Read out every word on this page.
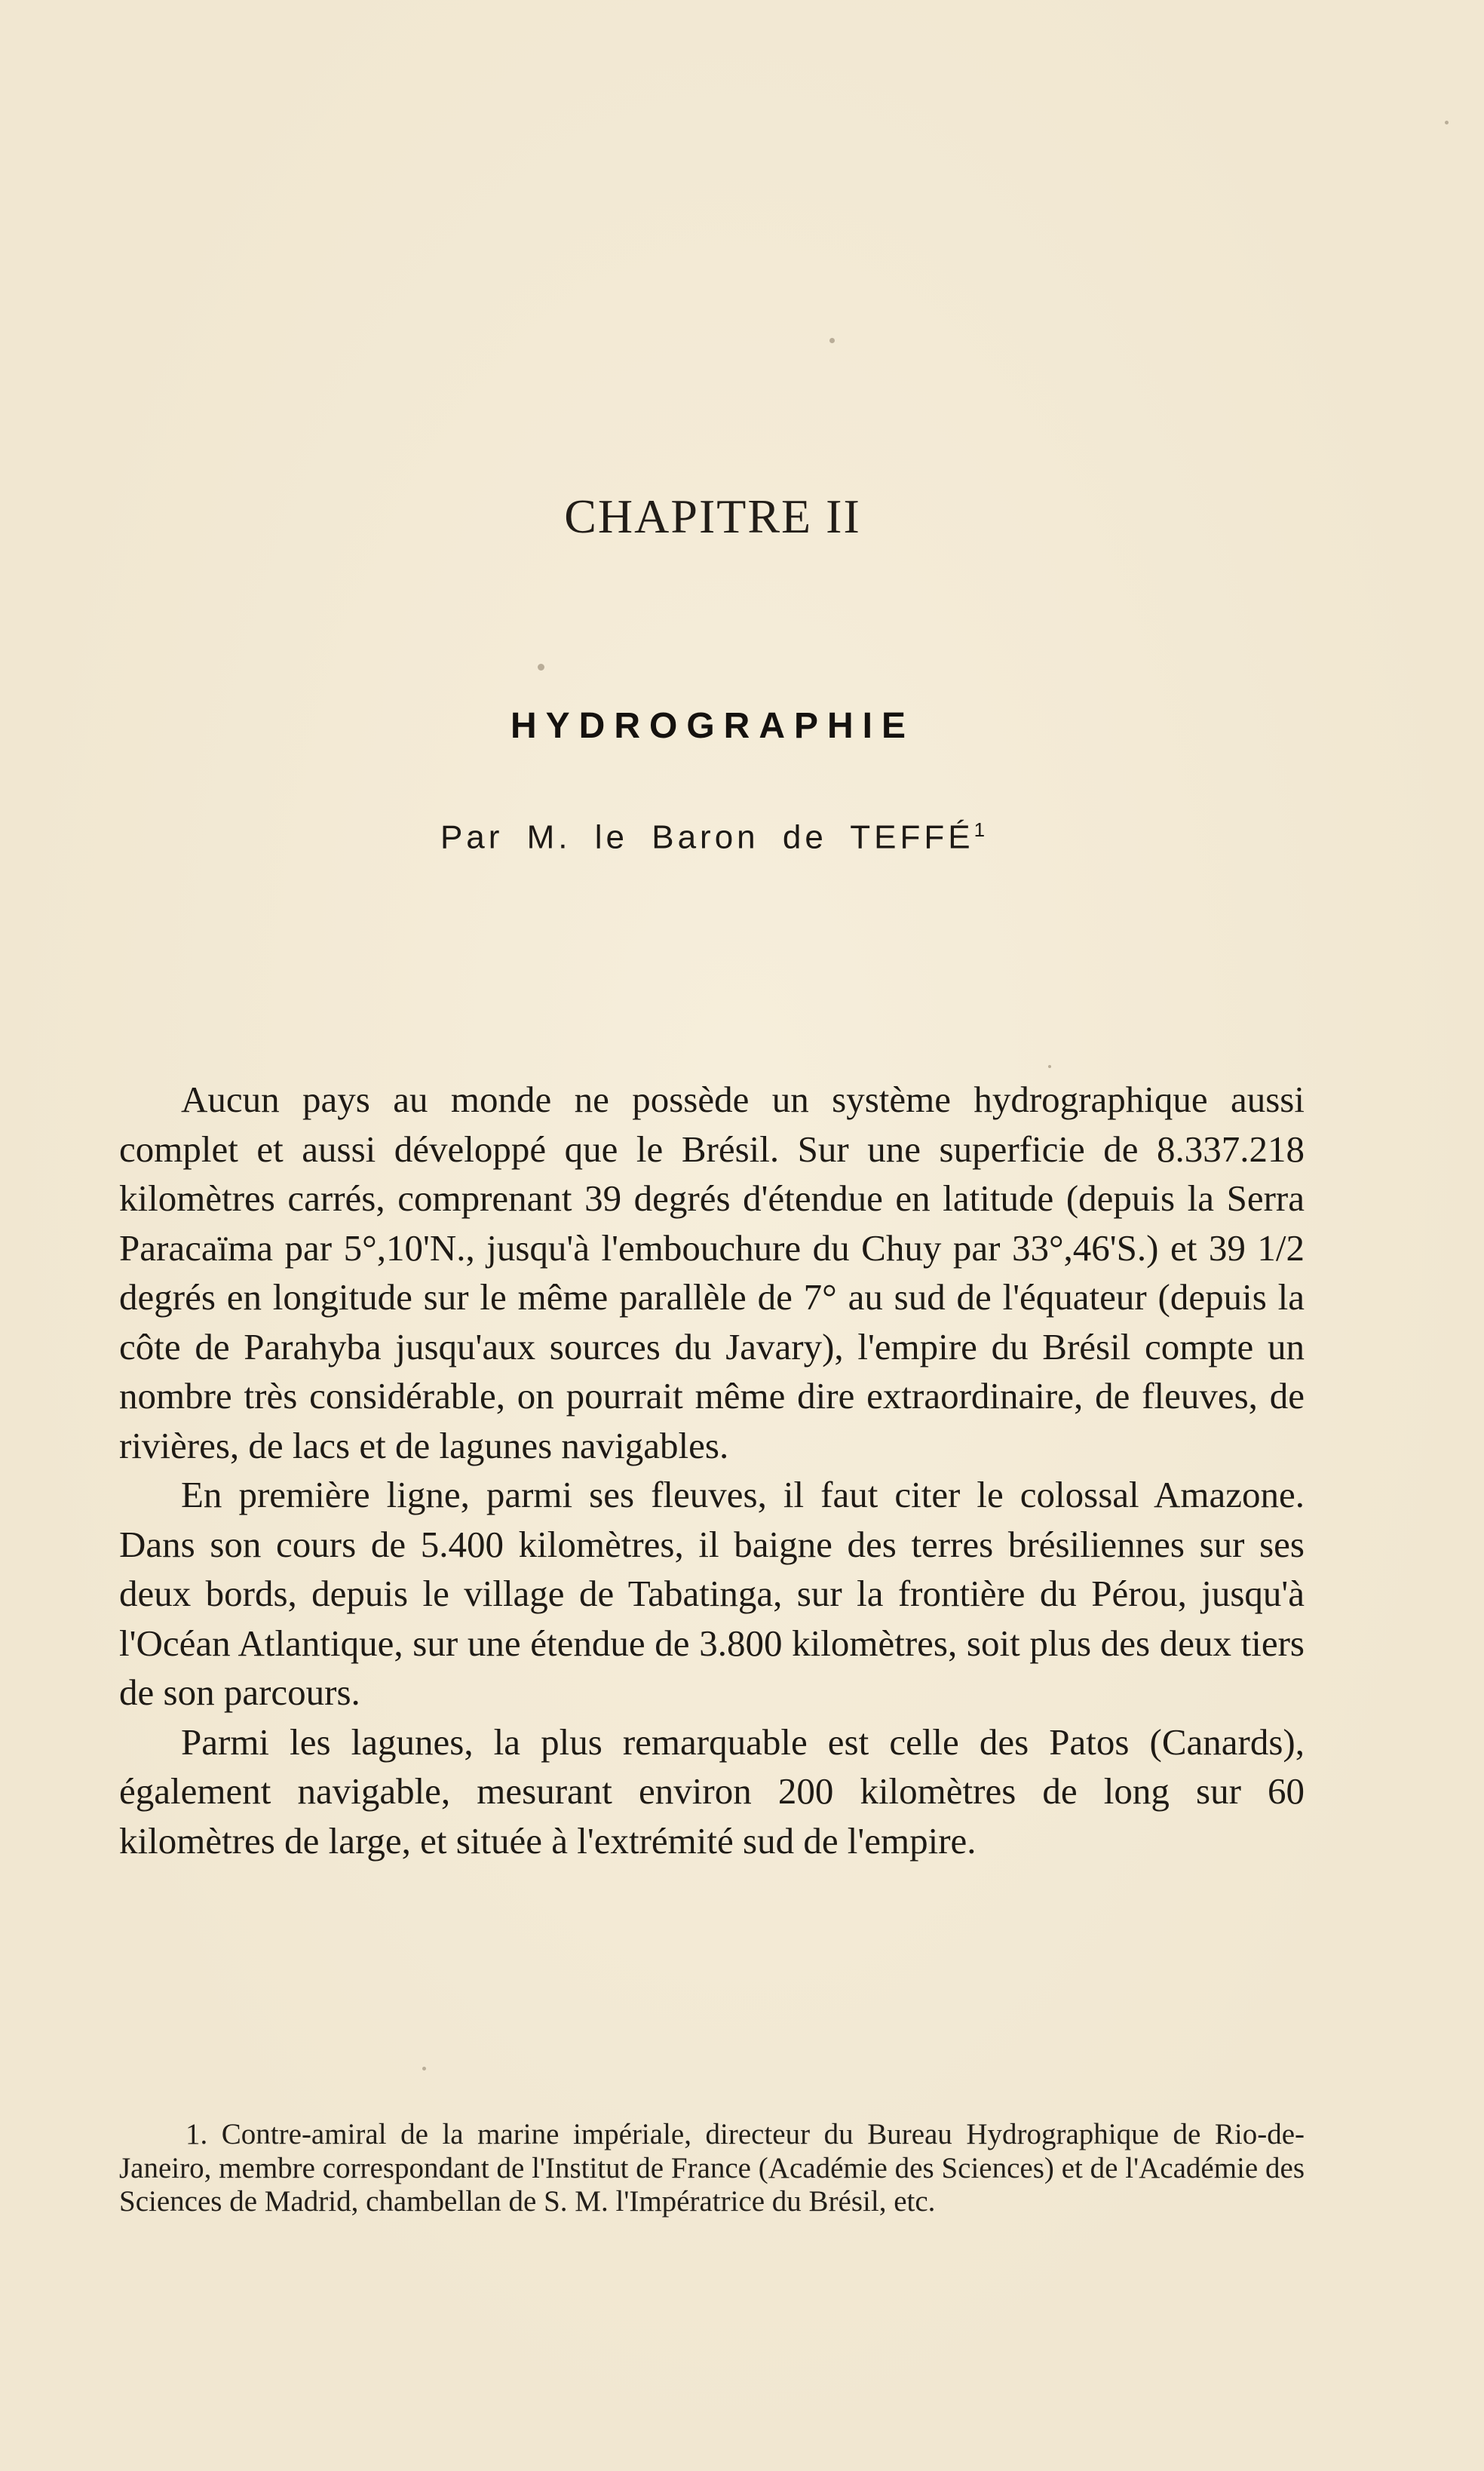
CHAPITRE II
HYDROGRAPHIE
Par M. le Baron de TEFFÉ$^1$

Aucun pays au monde ne possède un système hydrographique aussi complet et aussi développé que le Brésil. Sur une superficie de 8.337.218 kilomètres carrés, comprenant 39 degrés d'étendue en latitude (depuis la Serra Paracaïma par 5°,10'N., jusqu'à l'embouchure du Chuy par 33°,46'S.) et 39 1/2 degrés en longitude sur le même parallèle de 7° au sud de l'équateur (depuis la côte de Parahyba jusqu'aux sources du Javary), l'empire du Brésil compte un nombre très considérable, on pourrait même dire extraordinaire, de fleuves, de rivières, de lacs et de lagunes navigables.

En première ligne, parmi ses fleuves, il faut citer le colossal Amazone. Dans son cours de 5.400 kilomètres, il baigne des terres brésiliennes sur ses deux bords, depuis le village de Tabatinga, sur la frontière du Pérou, jusqu'à l'Océan Atlantique, sur une étendue de 3.800 kilomètres, soit plus des deux tiers de son parcours.

Parmi les lagunes, la plus remarquable est celle des Patos (Canards), également navigable, mesurant environ 200 kilomètres de long sur 60 kilomètres de large, et située à l'extrémité sud de l'empire.

1. Contre-amiral de la marine impériale, directeur du Bureau Hydrographique de Rio-de-Janeiro, membre correspondant de l'Institut de France (Académie des Sciences) et de l'Académie des Sciences de Madrid, chambellan de S. M. l'Impératrice du Brésil, etc.
